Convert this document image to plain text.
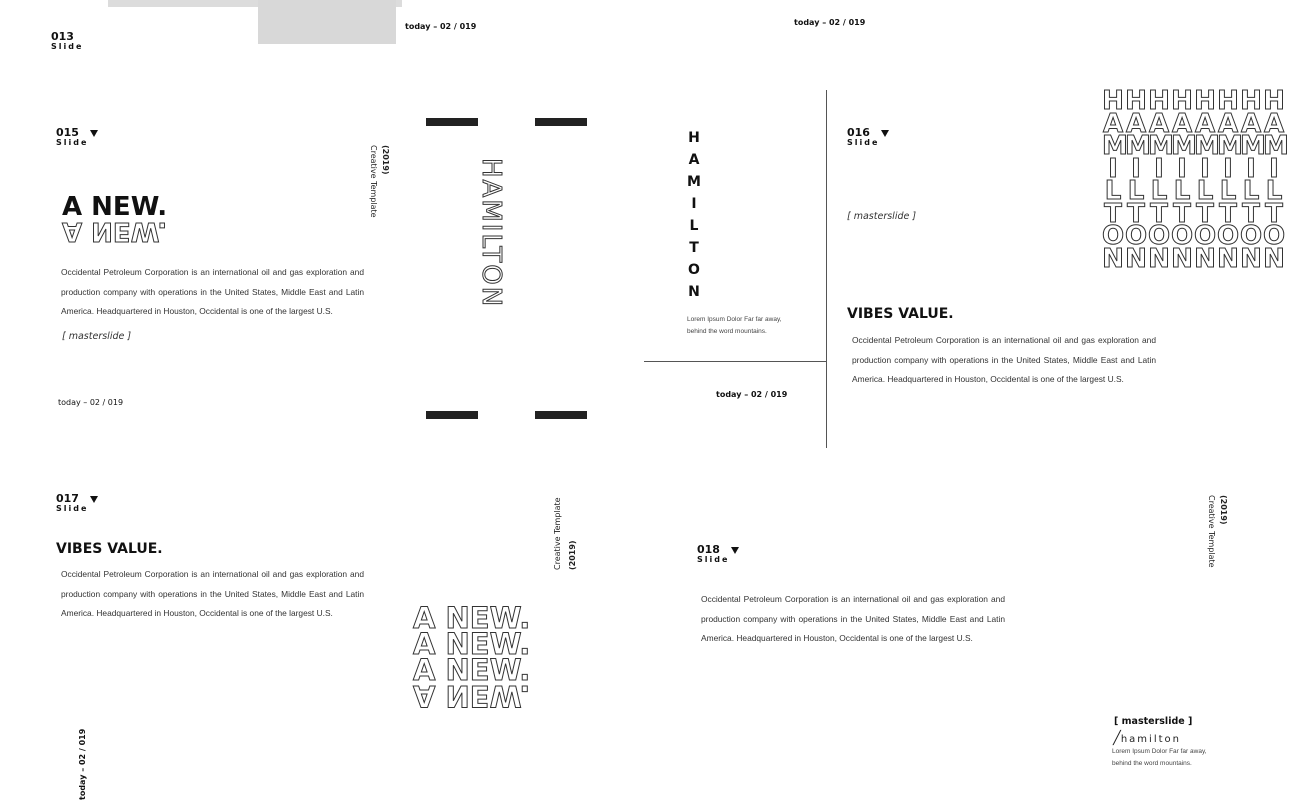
013
Slide
today – 02 / 019	today – 02 / 019
015
Slide
A NEW.
A NEW.
Occidental Petroleum Corporation is an international oil and gas exploration and production company with operations in the United States, Middle East and Latin America. Headquartered in Houston, Occidental is one of the largest U.S.
[ masterslide ]
today – 02 / 019
(2019)
Creative Template	HAMILTON
H
A
M
I
L
T
O
N
Lorem Ipsum Dolor Far far away,
behind the word mountains.
today – 02 / 019
016
Slide
[ masterslide ]
H
A
M
I
L
T
O
N
H
A
M
I
L
T
O
N
H
A
M
I
L
T
O
N
H
A
M
I
L
T
O
N
H
A
M
I
L
T
O
N
H
A
M
I
L
T
O
N
H
A
M
I
L
T
O
N
H
A
M
I
L
T
O
N
VIBES VALUE.
Occidental Petroleum Corporation is an international oil and gas exploration and production company with operations in the United States, Middle East and Latin America. Headquartered in Houston, Occidental is one of the largest U.S.
017
Slide
VIBES VALUE.
Occidental Petroleum Corporation is an international oil and gas exploration and production company with operations in the United States, Middle East and Latin America. Headquartered in Houston, Occidental is one of the largest U.S.
Creative Template (2019)
A NEW.
A NEW.
A NEW.
A NEW.
today – 02 / 019
018
Slide
Occidental Petroleum Corporation is an international oil and gas exploration and production company with operations in the United States, Middle East and Latin America. Headquartered in Houston, Occidental is one of the largest U.S.
(2019)
Creative Template
[ masterslide ]
╱hamilton
Lorem Ipsum Dolor Far far away,
behind the word mountains.
